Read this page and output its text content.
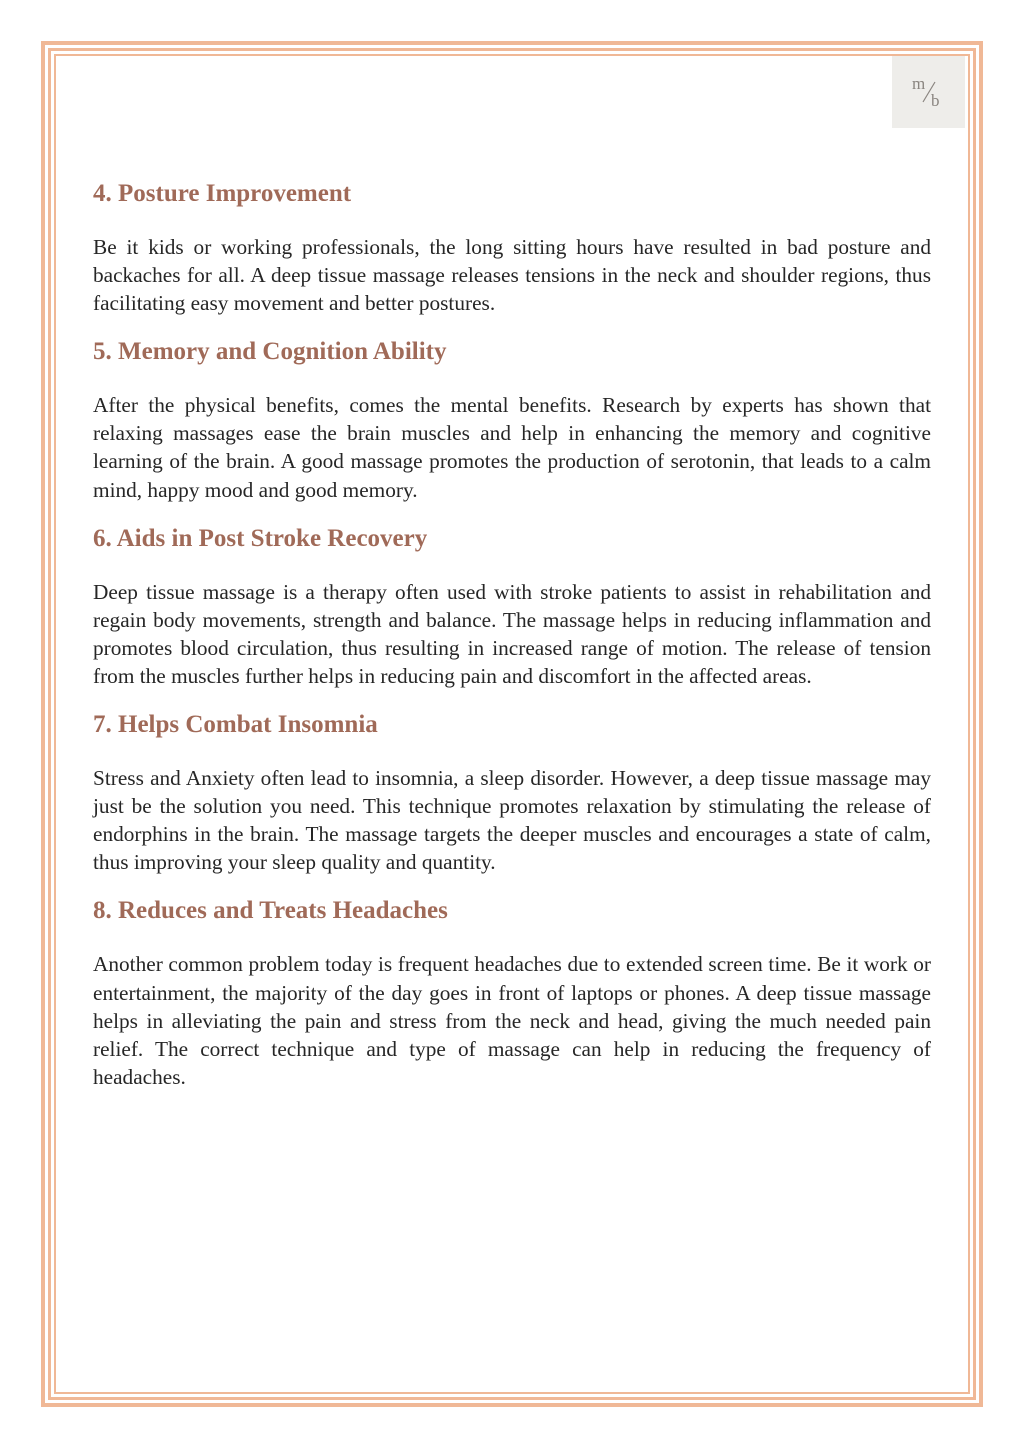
m
b
4. Posture Improvement

Be it kids or working professionals, the long sitting hours have resulted in bad posture and backaches for all. A deep tissue massage releases tensions in the neck and shoulder regions, thus facilitating easy movement and better postures.

5. Memory and Cognition Ability

After the physical benefits, comes the mental benefits. Research by experts has shown that relaxing massages ease the brain muscles and help in enhancing the memory and cognitive learning of the brain. A good massage promotes the production of serotonin, that leads to a calm mind, happy mood and good memory.

6. Aids in Post Stroke Recovery

Deep tissue massage is a therapy often used with stroke patients to assist in rehabilitation and regain body movements, strength and balance. The massage helps in reducing inflammation and promotes blood circulation, thus resulting in increased range of motion. The release of tension from the muscles further helps in reducing pain and discomfort in the affected areas.

7. Helps Combat Insomnia

Stress and Anxiety often lead to insomnia, a sleep disorder. However, a deep tissue massage may just be the solution you need. This technique promotes relaxation by stimulating the release of endorphins in the brain. The massage targets the deeper muscles and encourages a state of calm, thus improving your sleep quality and quantity.

8. Reduces and Treats Headaches

Another common problem today is frequent headaches due to extended screen time. Be it work or entertainment, the majority of the day goes in front of laptops or phones. A deep tissue massage helps in alleviating the pain and stress from the neck and head, giving the much needed pain relief. The correct technique and type of massage can help in reducing the frequency of headaches.
